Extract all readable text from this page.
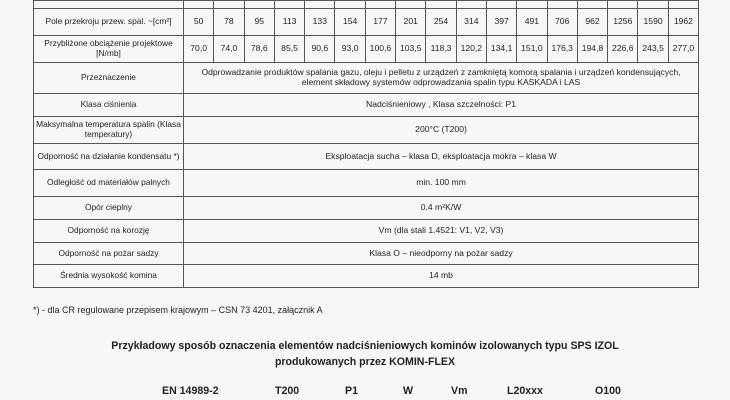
Pole przekroju przew. spal. ~[cm²]	50	78	95	113	133	154	177	201	254	314	397	491	706	962	1256	1590	1962
Przybliżone obciążenie projektowe [N/mb]	70,0	74,0	78,6	85,5	90,6	93,0	100,6	103,5	118,3	120,2	134,1	151,0	176,3	194,8	226,6	243,5	277,0
Przeznaczenie	Odprowadzanie produktów spalania gazu, oleju i pelletu z urządzeń z zamkniętą komorą spalania i urządzeń kondensujących, element składowy systemów odprowadzania spalin typu KASKADA i LAS																
Klasa ciśnienia	Nadciśnieniowy , Klasa szczelności: P1																
Maksymalna temperatura spalin (Klasa temperatury)	200°C (T200)																
Odporność na działanie kondensatu *)	Eksploatacja sucha – klasa D, eksploatacja mokra – klasa W																
Odległość od materiałów palnych	min. 100 mm																
Opór cieplny	0,4 m²K/W																
Odporność na korozję	Vm (dla stali 1.4521: V1, V2, V3)																
Odporność na pożar sadzy	Klasa O – nieodporny na pożar sadzy																
Średnia wysokość komina	14 mb																
*) - dla CR regulowane przepisem krajowym – CSN 73 4201, załącznik A
Przykładowy sposób oznaczenia elementów nadciśnieniowych kominów izolowanych typu SPS IZOL
produkowanych przez KOMIN-FLEX
EN 14989-2	T200	P1	W	Vm	L20xxx	O100
